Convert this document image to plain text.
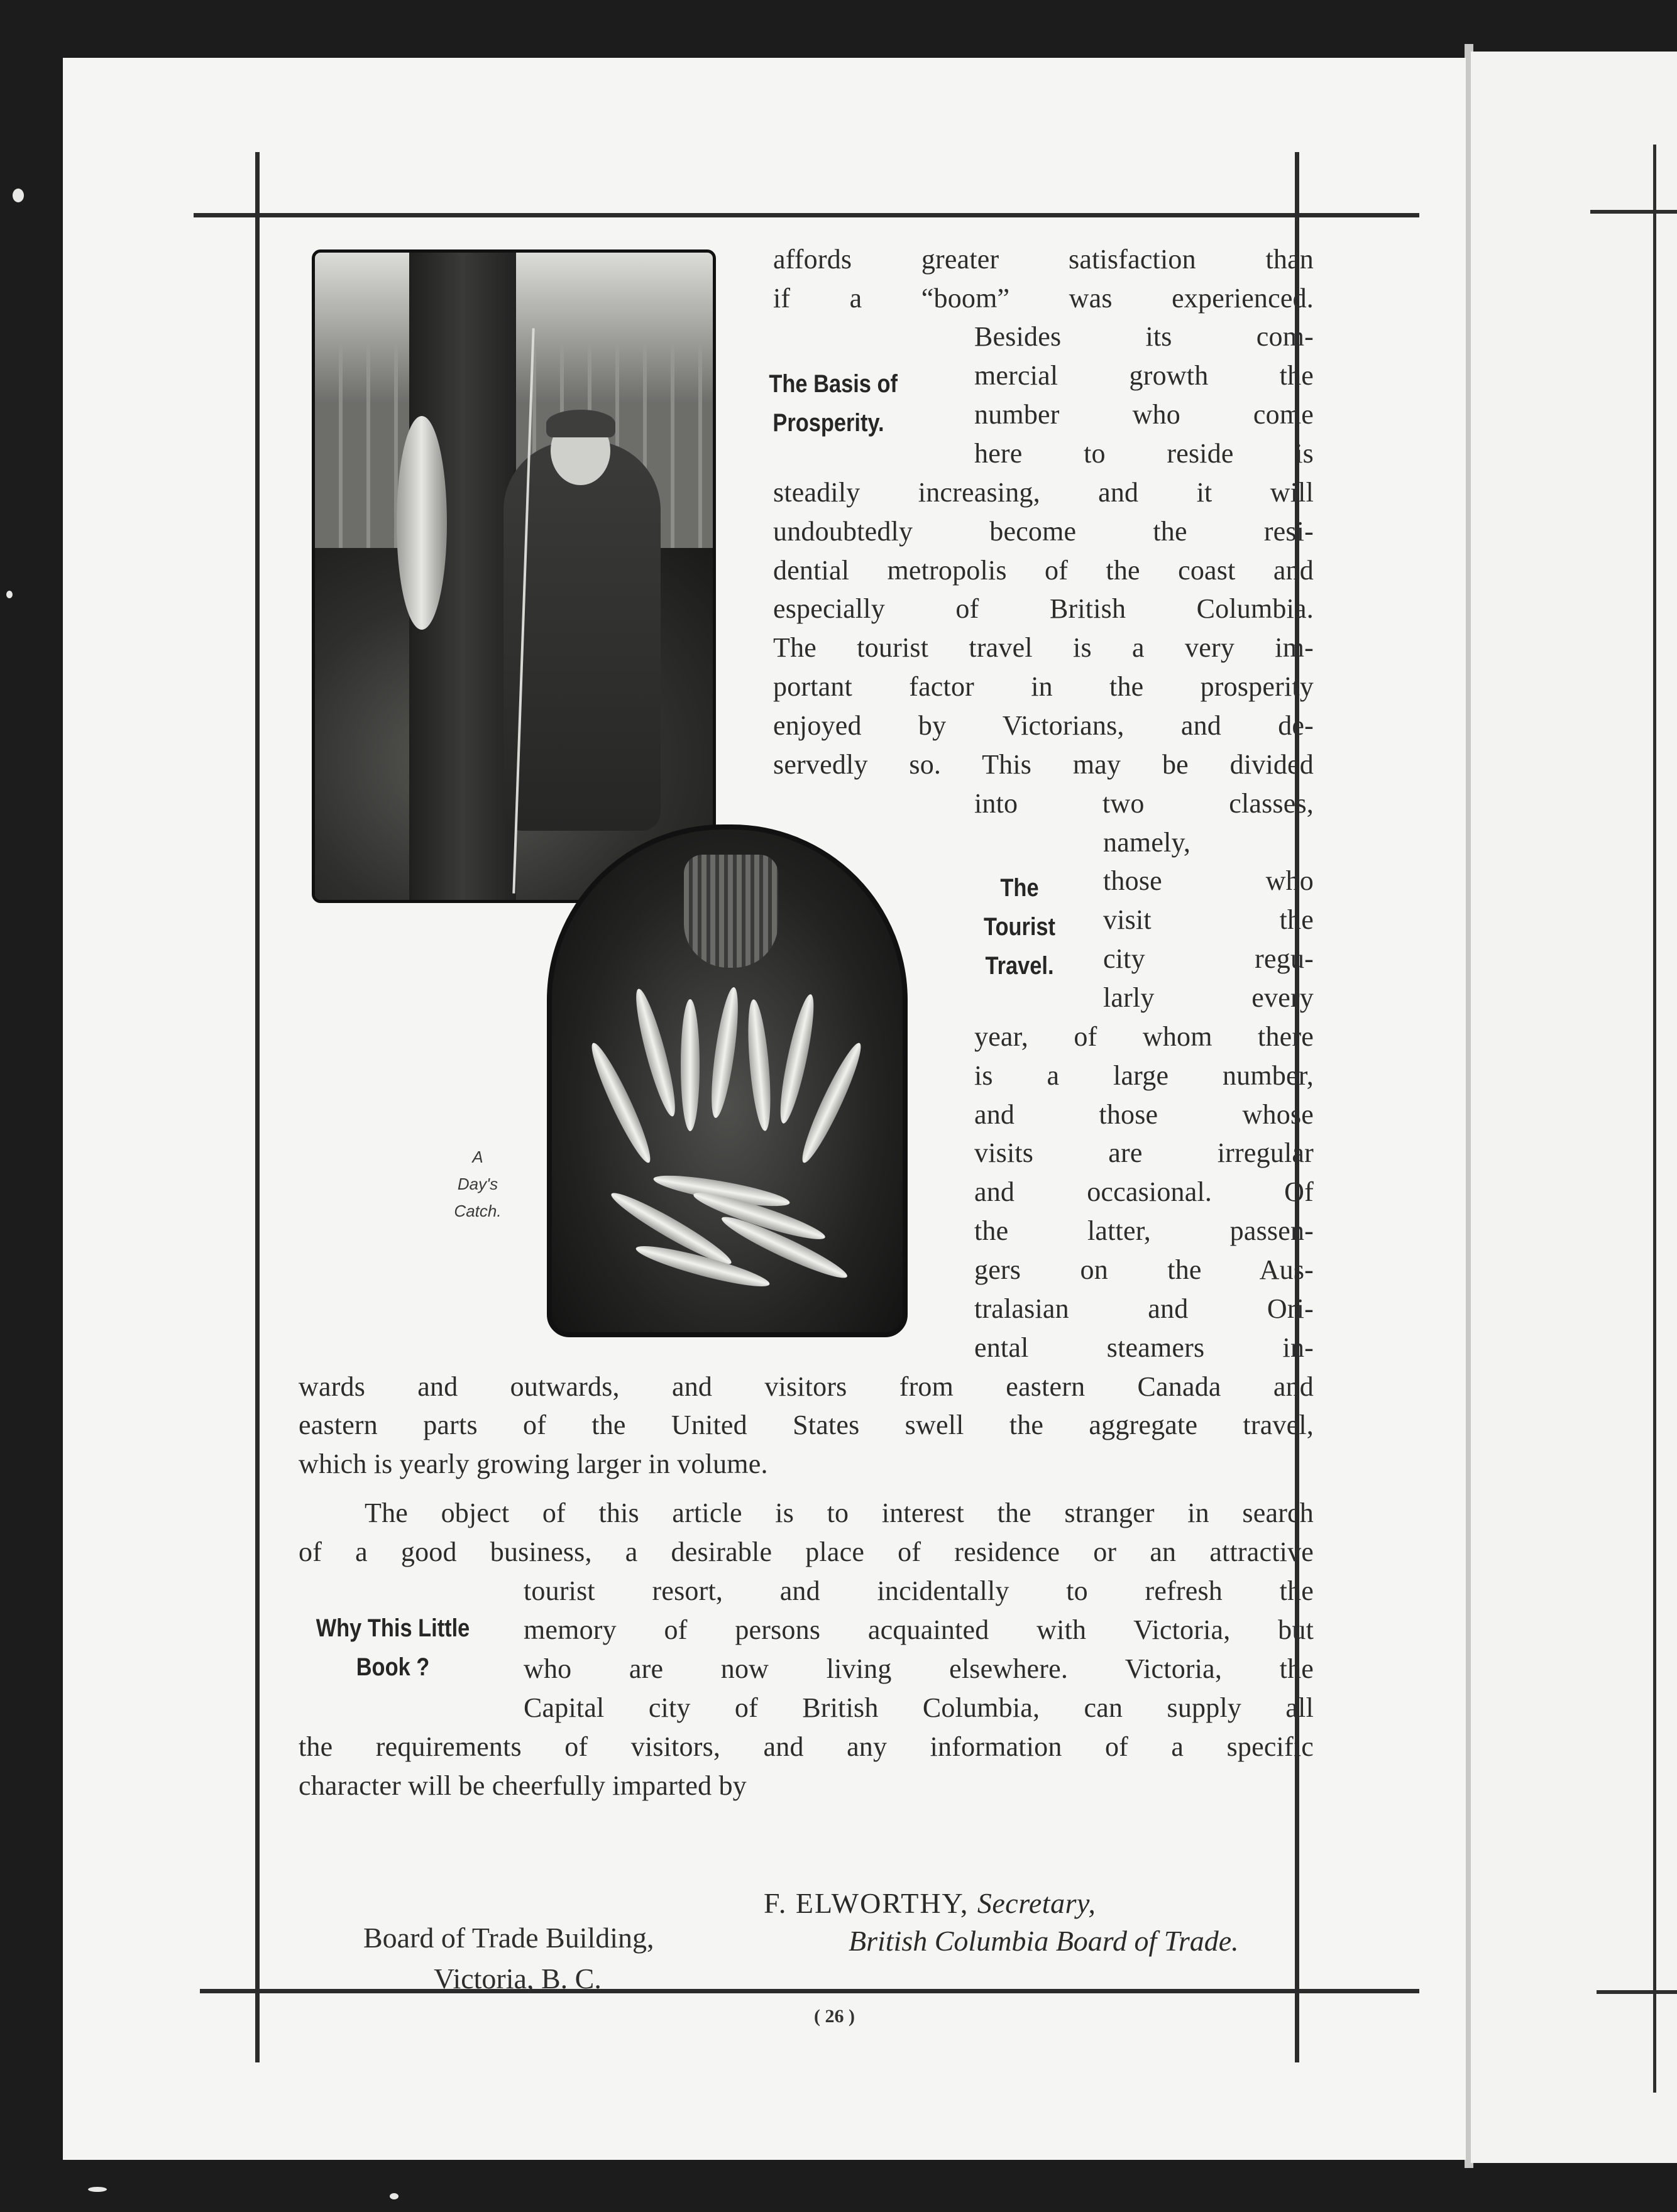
A
Day's
Catch.
The Basis of
Prosperity.
The
Tourist
Travel.
Why This Little
Book ?
affords greater satisfaction than
if a “boom” was experienced.
Besides its com-
mercial growth the
number who come
here to reside is
steadily increasing, and it will
undoubtedly become the resi-
dential metropolis of the coast and
especially of British Columbia.
The tourist travel is a very im-
portant factor in the prosperity
enjoyed by Victorians, and de-
servedly so. This may be divided
into two classes,
namely,
those who
visit the
city regu-
larly every
year, of whom there
is a large number,
and those whose
visits are irregular
and occasional. Of
the latter, passen-
gers on the Aus-
tralasian and Ori-
ental steamers in-
wards and outwards, and visitors from eastern Canada and
eastern parts of the United States swell the aggregate travel,
which is yearly growing larger in volume.
The object of this article is to interest the stranger in search
of a good business, a desirable place of residence or an attractive
tourist resort, and incidentally to refresh the
memory of persons acquainted with Victoria, but
who are now living elsewhere. Victoria, the
Capital city of British Columbia, can supply all
the requirements of visitors, and any information of a specific
character will be cheerfully imparted by
F. ELWORTHY, Secretary,
British Columbia Board of Trade.
Board of Trade Building,
Victoria, B. C.
( 26 )
